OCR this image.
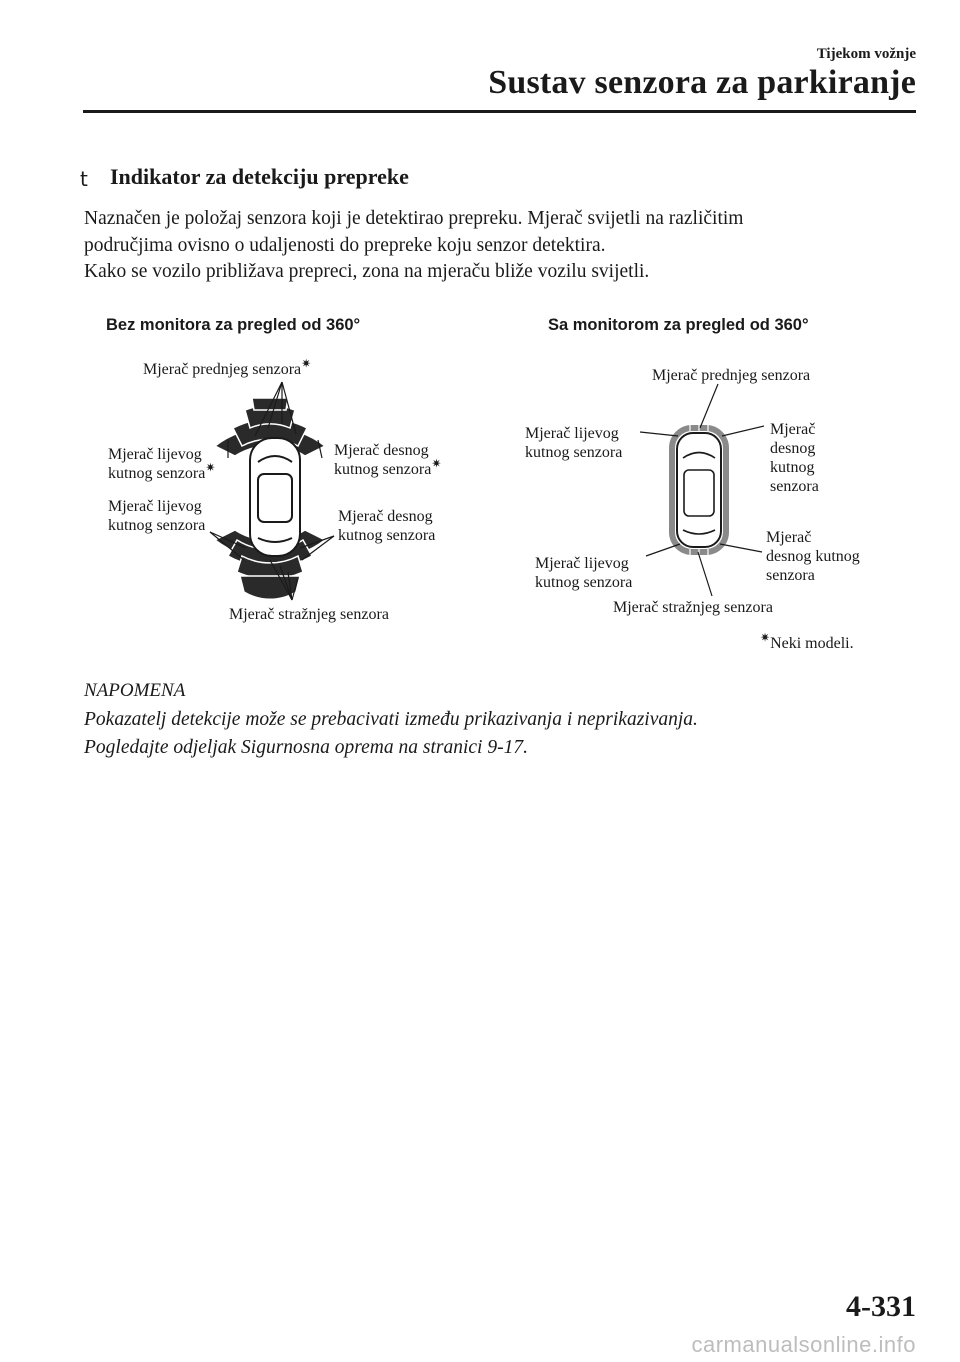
Tijekom vožnje
Sustav senzora za parkiranje
t Indikator za detekciju prepreke

Naznačen je položaj senzora koji je detektirao prepreku. Mjerač svijetli na različitim

područjima ovisno o udaljenosti do prepreke koju senzor detektira.

Kako se vozilo približava prepreci, zona na mjeraču bliže vozilu svijetli.

Bez monitora za pregled od 360°	Sa monitorom za pregled od 360°
Mjerač prednjeg senzora✷
Mjerač lijevog
kutnog senzora✷
Mjerač desnog
kutnog senzora✷
Mjerač lijevog
kutnog senzora
Mjerač desnog
kutnog senzora
Mjerač stražnjeg senzora
Mjerač prednjeg senzora
Mjerač lijevog
kutnog senzora
Mjerač
desnog
kutnog
senzora
Mjerač lijevog
kutnog senzora
Mjerač
desnog kutnog
senzora
Mjerač stražnjeg senzora
✷Neki modeli.
NAPOMENA

Pokazatelj detekcije može se prebacivati između prikazivanja i neprikazivanja.

Pogledajte odjeljak Sigurnosna oprema na stranici 9-17.

4-331
carmanualsonline.info
